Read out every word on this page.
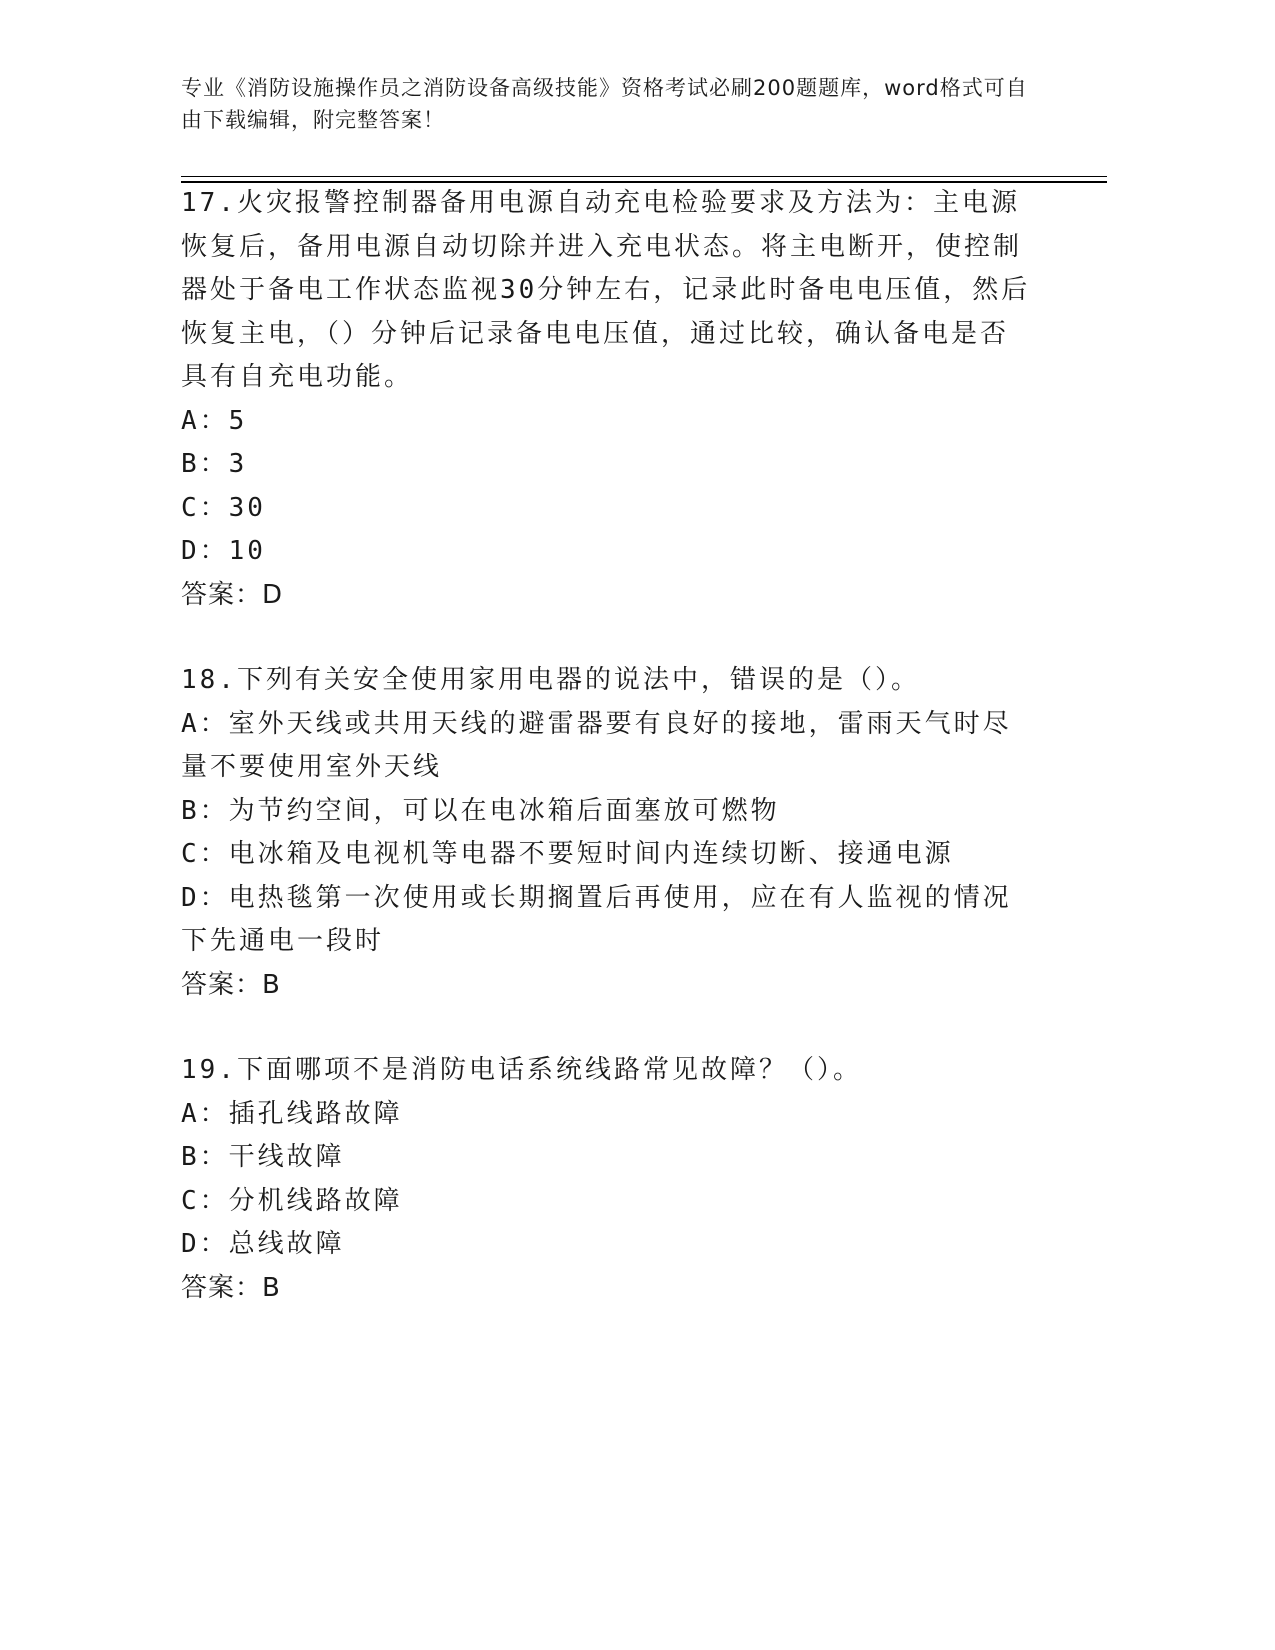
专业《消防设施操作员之消防设备高级技能》资格考试必刷200题题库，word格式可自由下载编辑，附完整答案！
17.火灾报警控制器备用电源自动充电检验要求及方法为：主电源恢复后，备用电源自动切除并进入充电状态。将主电断开，使控制器处于备电工作状态监视30分钟左右，记录此时备电电压值，然后恢复主电，（）分钟后记录备电电压值，通过比较，确认备电是否具有自充电功能。
A：5
B：3
C：30
D：10
答案：D
18.下列有关安全使用家用电器的说法中，错误的是（）。
A：室外天线或共用天线的避雷器要有良好的接地，雷雨天气时尽量不要使用室外天线
B：为节约空间，可以在电冰箱后面塞放可燃物
C：电冰箱及电视机等电器不要短时间内连续切断、接通电源
D：电热毯第一次使用或长期搁置后再使用，应在有人监视的情况下先通电一段时
答案：B
19.下面哪项不是消防电话系统线路常见故障？（）。
A：插孔线路故障
B：干线故障
C：分机线路故障
D：总线故障
答案：B
